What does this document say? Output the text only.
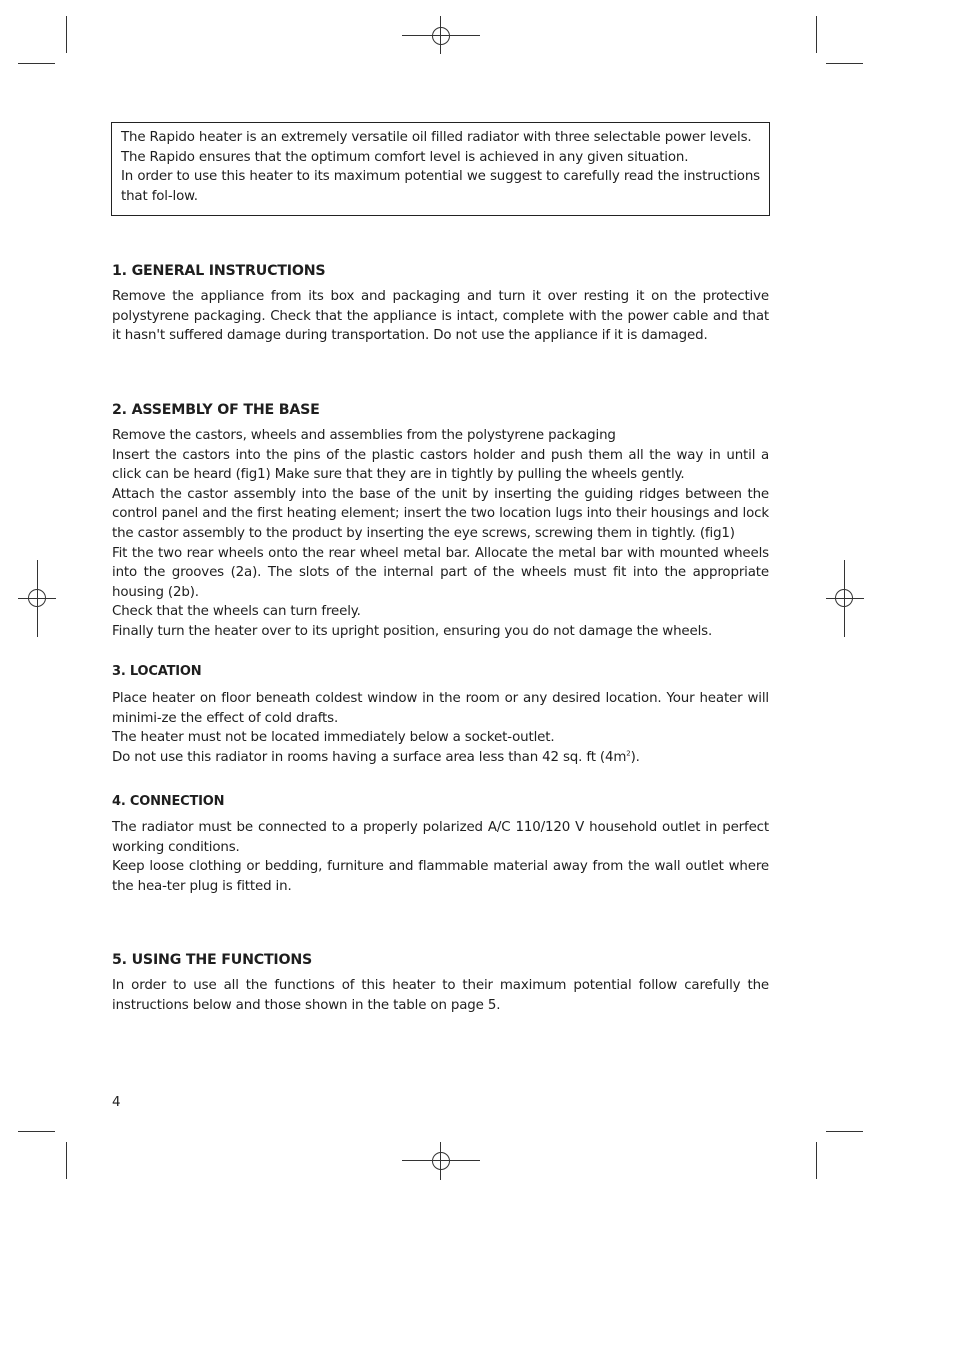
The Rapido heater is an extremely versatile oil filled radiator with three selectable power levels.

The Rapido ensures that the optimum comfort level is achieved in any given situation.

In order to use this heater to its maximum potential we suggest to carefully read the instructions that fol-low.

1. GENERAL INSTRUCTIONS

Remove the appliance from its box and packaging and turn it over resting it on the protective polystyrene packaging. Check that the appliance is intact, complete with the power cable and that it hasn't suffered damage during transportation. Do not use the appliance if it is damaged.

2. ASSEMBLY OF THE BASE

Remove the castors, wheels and assemblies from the polystyrene packaging

Insert the castors into the pins of the plastic castors holder and push them all the way in until a click can be heard (fig1) Make sure that they are in tightly by pulling the wheels gently.

Attach the castor assembly into the base of the unit by inserting the guiding ridges between the control panel and the first heating element; insert the two location lugs into their housings and lock the castor assembly to the product by inserting the eye screws, screwing them in tightly. (fig1)

Fit the two rear wheels onto the rear wheel metal bar. Allocate the metal bar with mounted wheels into the grooves (2a). The slots of the internal part of the wheels must fit into the appropriate housing (2b).

Check that the wheels can turn freely.

Finally turn the heater over to its upright position, ensuring you do not damage the wheels.

3. LOCATION

Place heater on floor beneath coldest window in the room or any desired location. Your heater will minimi-ze the effect of cold drafts.

The heater must not be located immediately below a socket-outlet.

Do not use this radiator in rooms having a surface area less than 42 sq. ft $(4m^2)$.

4. CONNECTION

The radiator must be connected to a properly polarized A/C 110/120 V household outlet in perfect working conditions.

Keep loose clothing or bedding, furniture and flammable material away from the wall outlet where the hea-ter plug is fitted in.

5. USING THE FUNCTIONS

In order to use all the functions of this heater to their maximum potential follow carefully the instructions below and those shown in the table on page 5.

4
